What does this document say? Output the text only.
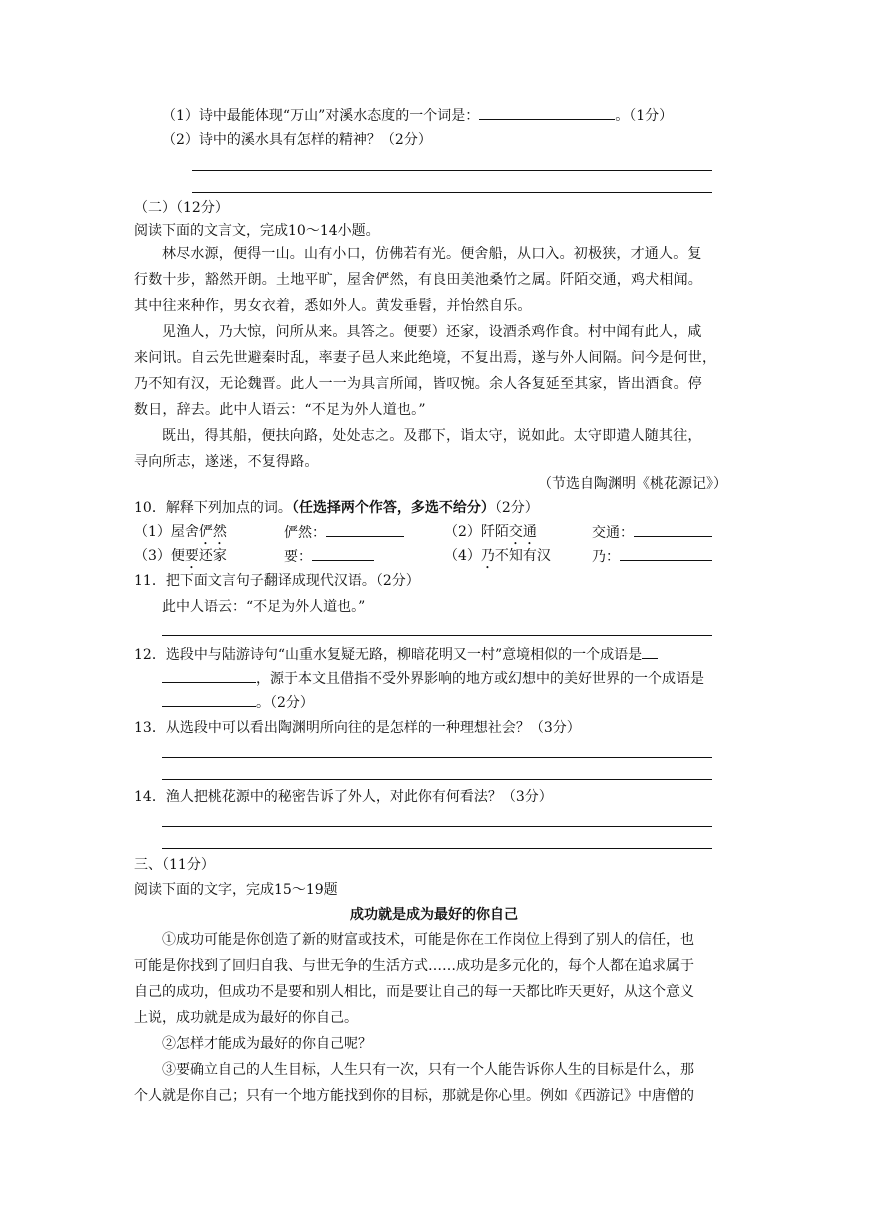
（1）诗中最能体现“万山”对溪水态度的一个词是：	。（1分）
（2）诗中的溪水具有怎样的精神？（2分）
（二）（12分）
阅读下面的文言文，完成10～14小题。
林尽水源，便得一山。山有小口，仿佛若有光。便舍船，从口入。初极狭，才通人。复
行数十步，豁然开朗。土地平旷，屋舍俨然，有良田美池桑竹之属。阡陌交通，鸡犬相闻。
其中往来种作，男女衣着，悉如外人。黄发垂髫，并怡然自乐。
见渔人，乃大惊，问所从来。具答之。便要）还家，设酒杀鸡作食。村中闻有此人，咸
来问讯。自云先世避秦时乱，率妻子邑人来此绝境，不复出焉，遂与外人间隔。问今是何世，
乃不知有汉，无论魏晋。此人一一为具言所闻，皆叹惋。余人各复延至其家，皆出酒食。停
数日，辞去。此中人语云：“不足为外人道也。”
既出，得其船，便扶向路，处处志之。及郡下，诣太守，说如此。太守即遣人随其往，
寻向所志，遂迷，不复得路。
（节选自陶渊明《桃花源记》）
10．解释下列加点的词。（任选择两个作答，多选不给分）（2分）
（1）屋舍俨然	俨然：	（2）阡陌交通	交通：
（3）便要还家	要：	（4）乃不知有汉	乃：
11．把下面文言句子翻译成现代汉语。（2分）
此中人语云：“不足为外人道也。”
12．选段中与陆游诗句“山重水复疑无路，柳暗花明又一村”意境相似的一个成语是
，源于本文且借指不受外界影响的地方或幻想中的美好世界的一个成语是
。（2分）
13．从选段中可以看出陶渊明所向往的是怎样的一种理想社会？（3分）
14．渔人把桃花源中的秘密告诉了外人，对此你有何看法？（3分）
三、（11分）
阅读下面的文字，完成15～19题
成功就是成为最好的你自己
①成功可能是你创造了新的财富或技术，可能是你在工作岗位上得到了别人的信任，也
可能是你找到了回归自我、与世无争的生活方式……成功是多元化的，每个人都在追求属于
自己的成功，但成功不是要和别人相比，而是要让自己的每一天都比昨天更好，从这个意义
上说，成功就是成为最好的你自己。
②怎样才能成为最好的你自己呢？
③要确立自己的人生目标，人生只有一次，只有一个人能告诉你人生的目标是什么，那
个人就是你自己；只有一个地方能找到你的目标，那就是你心里。例如《西游记》中唐僧的
